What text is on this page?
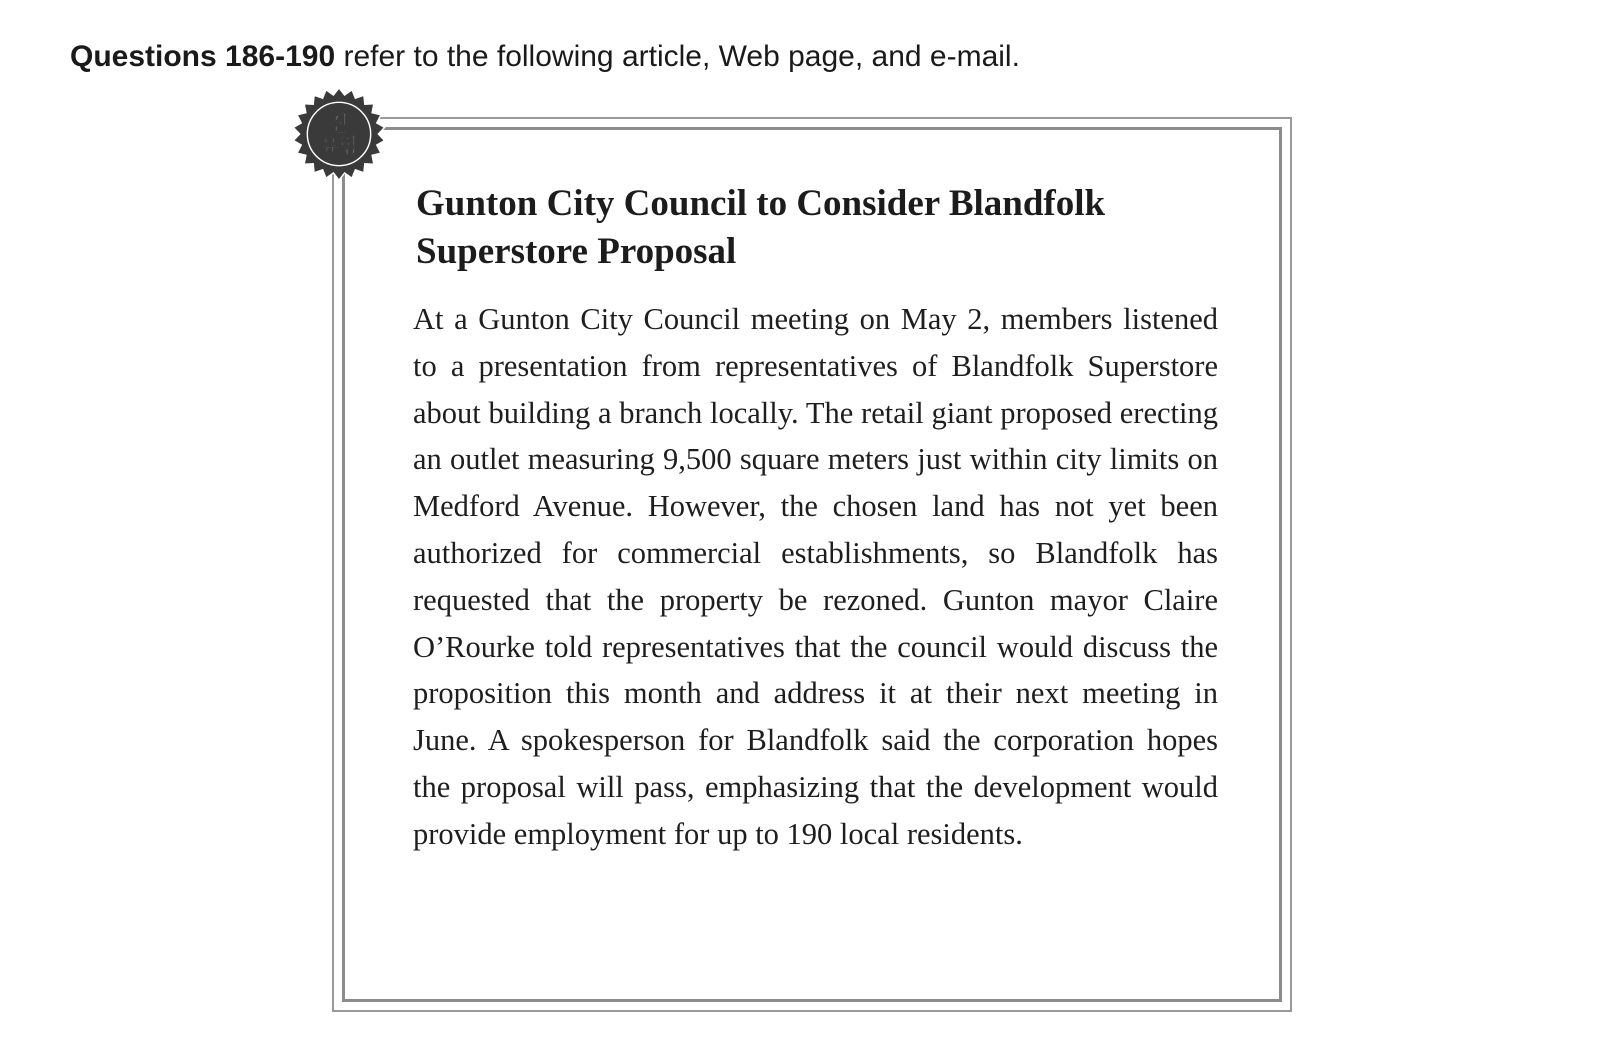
Questions 186-190 refer to the following article, Web page, and e-mail.
신
유형
Gunton City Council to Consider Blandfolk Superstore Proposal

At a Gunton City Council meeting on May 2, members listened to a presentation from representatives of Blandfolk Superstore about building a branch locally. The retail giant proposed erecting an outlet measuring 9,500 square meters just within city limits on Medford Avenue. However, the chosen land has not yet been authorized for commercial establishments, so Blandfolk has requested that the property be rezoned. Gunton mayor Claire O’Rourke told representatives that the council would discuss the proposition this month and address it at their next meeting in June. A spokesperson for Blandfolk said the corporation hopes the proposal will pass, emphasizing that the development would provide employment for up to 190 local residents.
